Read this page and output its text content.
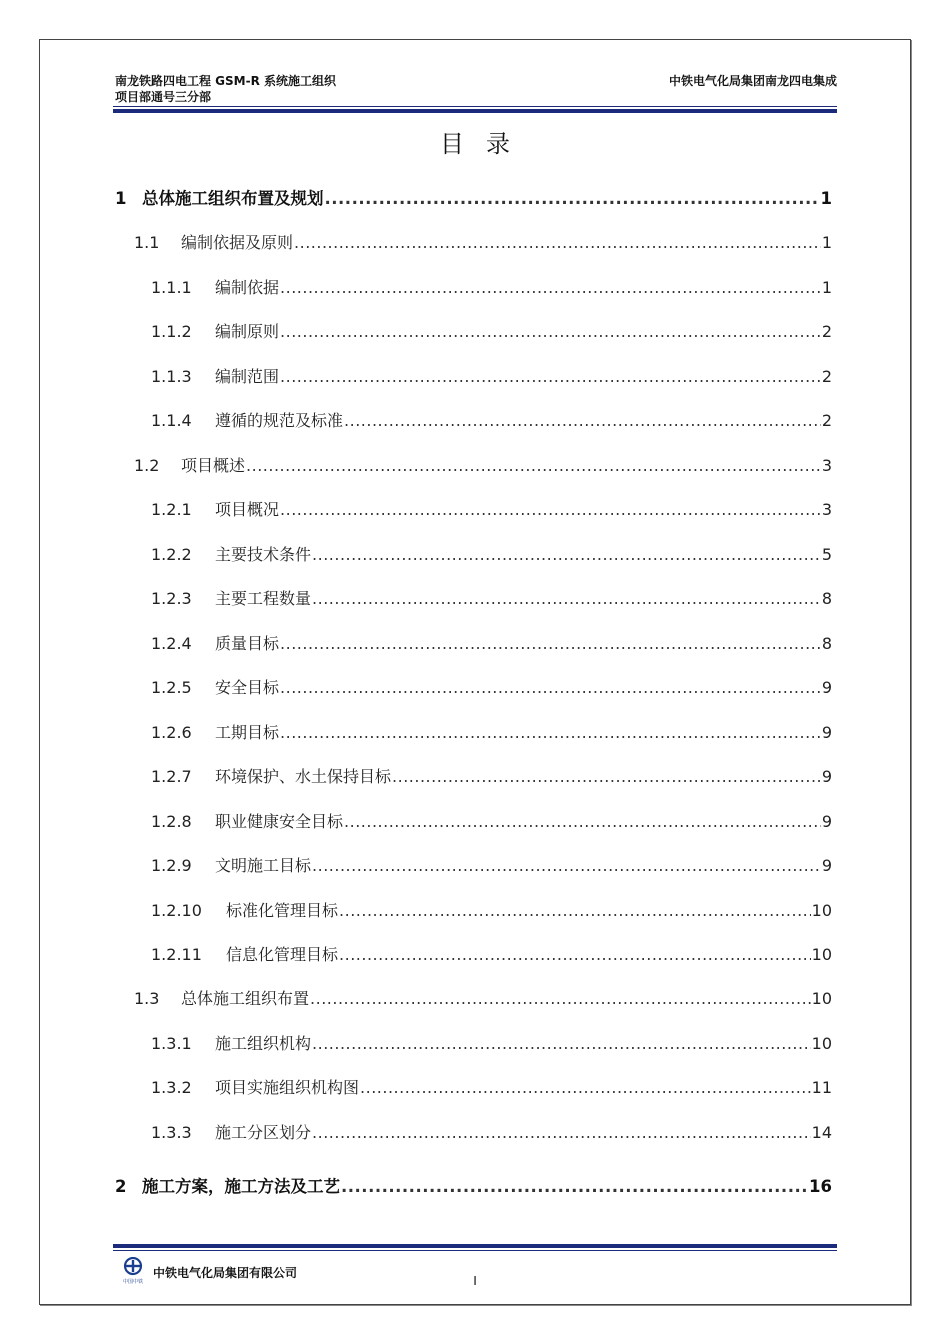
南龙铁路四电工程 GSM-R 系统施工组织
项目部通号三分部
中铁电气化局集团南龙四电集成
目录
1 总体施工组织布置及规划 .....	1
1.1	编制依据及原则 .....	1
1.1.1	编制依据 .....	1
1.1.2	编制原则 .....	2
1.1.3	编制范围 .....	2
1.1.4	遵循的规范及标准 .....	2
1.2	项目概述 .....	3
1.2.1	项目概况 .....	3
1.2.2	主要技术条件 .....	5
1.2.3	主要工程数量 .....	8
1.2.4	质量目标 .....	8
1.2.5	安全目标 .....	9
1.2.6	工期目标 .....	9
1.2.7	环境保护、水土保持目标 .....	9
1.2.8	职业健康安全目标 .....	9
1.2.9	文明施工目标 .....	9
1.2.10	标准化管理目标 .....	10
1.2.11	信息化管理目标 .....	10
1.3	总体施工组织布置 .....	10
1.3.1	施工组织机构 .....	10
1.3.2	项目实施组织机构图 .....	11
1.3.3	施工分区划分 .....	14
2 施工方案，施工方法及工艺 .....	16
中国中铁
中铁电气化局集团有限公司	I
